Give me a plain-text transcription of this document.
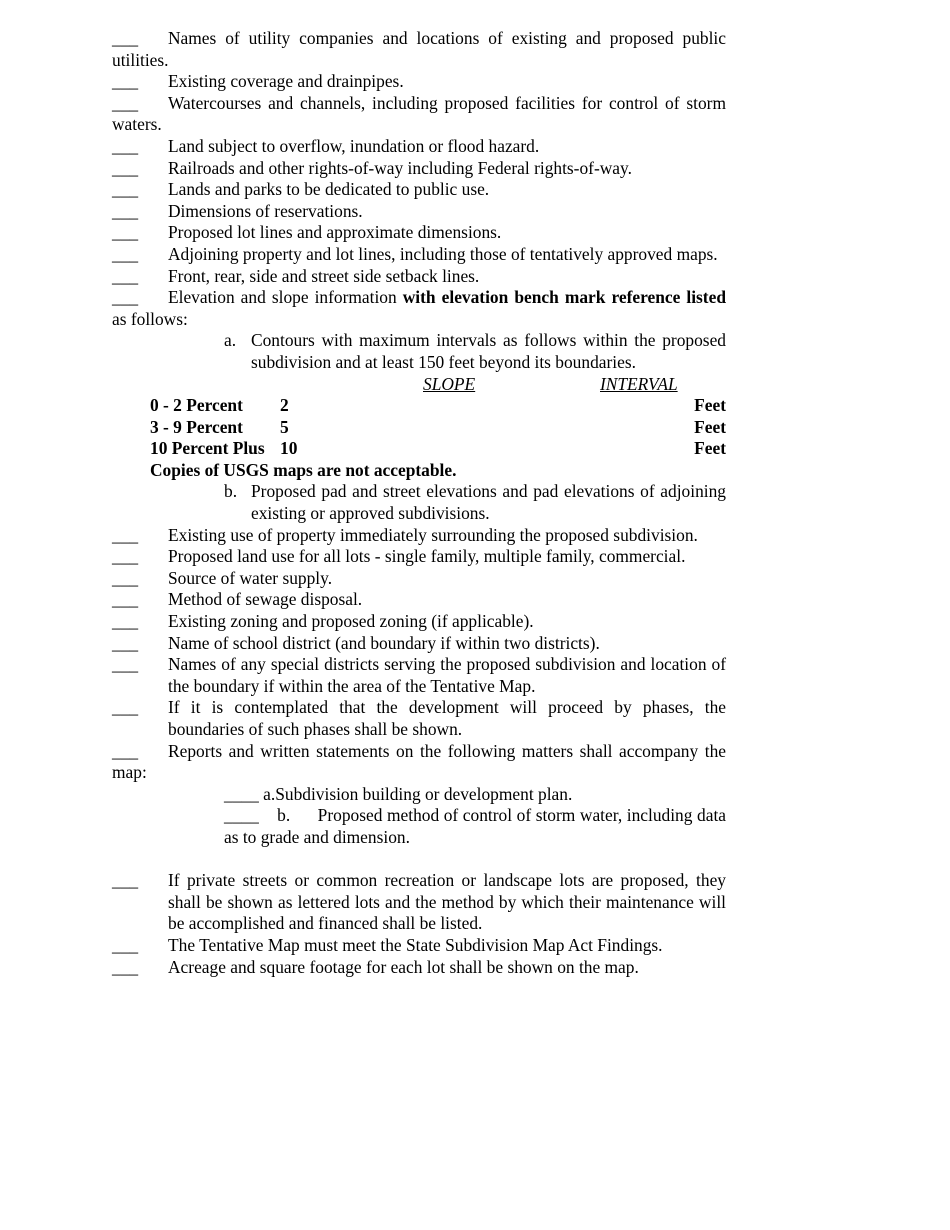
___ Names of utility companies and locations of existing and proposed public utilities.

___ Existing coverage and drainpipes.

___ Watercourses and channels, including proposed facilities for control of storm waters.

___ Land subject to overflow, inundation or flood hazard.

___ Railroads and other rights-of-way including Federal rights-of-way.

___ Lands and parks to be dedicated to public use.

___ Dimensions of reservations.

___ Proposed lot lines and approximate dimensions.

___ Adjoining property and lot lines, including those of tentatively approved maps.

___ Front, rear, side and street side setback lines.

___ Elevation and slope information with elevation bench mark reference listed as follows:

a. Contours with maximum intervals as follows within the proposed subdivision and at least 150 feet beyond its boundaries.
SLOPE	INTERVAL
0 - 2 Percent 2	Feet
3 - 9 Percent 5	Feet
10 Percent Plus 10	Feet

Copies of USGS maps are not acceptable.

b. Proposed pad and street elevations and pad elevations of adjoining existing or approved subdivisions.

___ Existing use of property immediately surrounding the proposed subdivision.

___ Proposed land use for all lots - single family, multiple family, commercial.

___ Source of water supply.

___ Method of sewage disposal.

___ Existing zoning and proposed zoning (if applicable).

___ Name of school district (and boundary if within two districts).

___	Names of any special districts serving the proposed subdivision and location of the boundary if within the area of the Tentative Map.
___	If it is contemplated that the development will proceed by phases, the boundaries of such phases shall be shown.

___ Reports and written statements on the following matters shall accompany the map:

____ a.Subdivision building or development plan.

____ b. Proposed method of control of storm water, including data as to grade and dimension.

___	If private streets or common recreation or landscape lots are proposed, they shall be shown as lettered lots and the method by which their maintenance will be accomplished and financed shall be listed.
___	The Tentative Map must meet the State Subdivision Map Act Findings.
___	Acreage and square footage for each lot shall be shown on the map.
